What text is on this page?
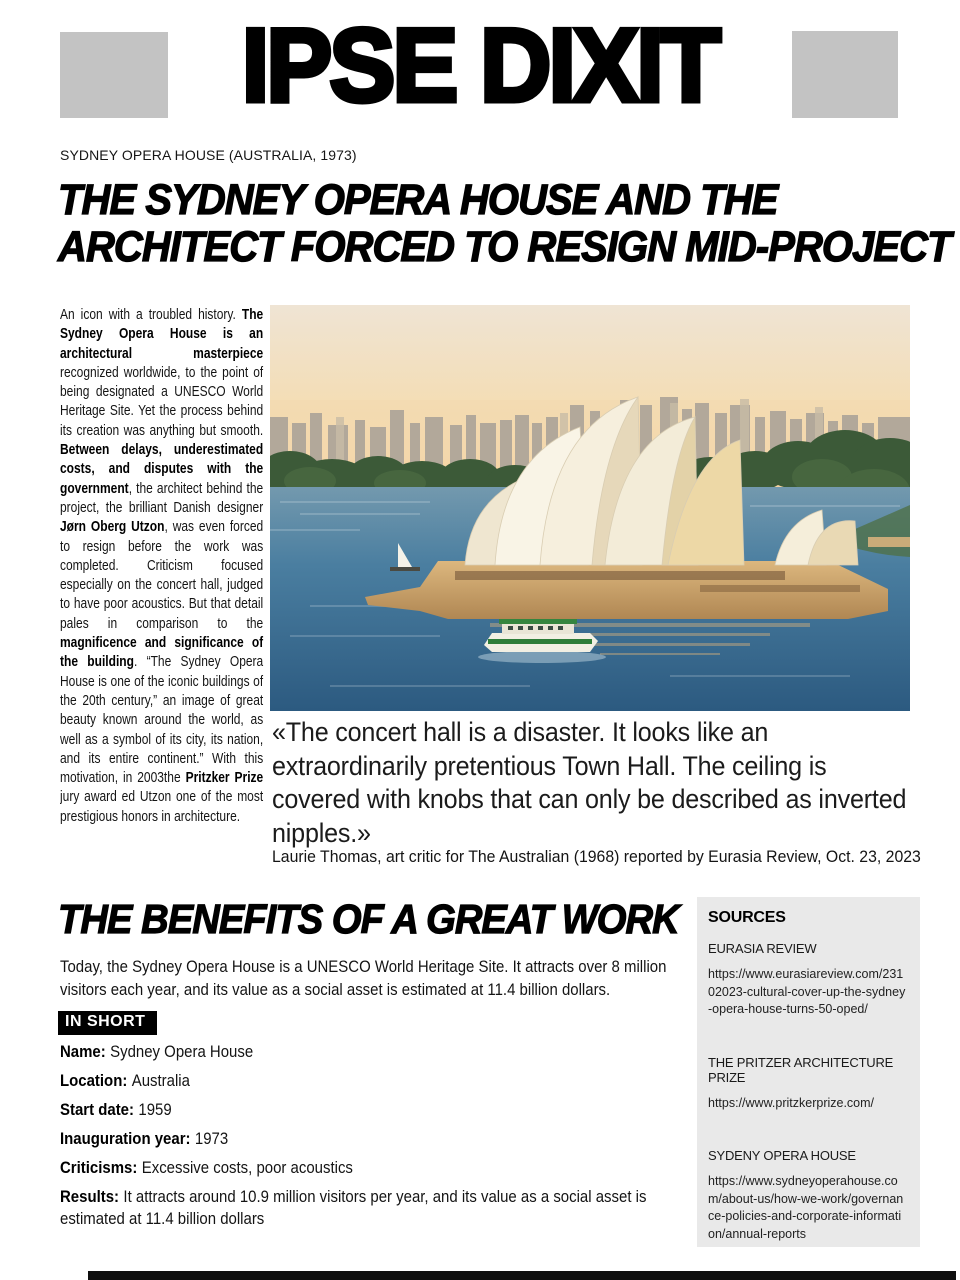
IPSE DIXIT
SYDNEY OPERA HOUSE (AUSTRALIA, 1973)
THE SYDNEY OPERA HOUSE AND THE
ARCHITECT FORCED TO RESIGN MID-PROJECT
An icon with a troubled history. The Sydney Opera House is an architectural masterpiece recognized worldwide, to the point of being designated a UNESCO World Heritage Site. Yet the process behind its creation was anything but smooth. Between delays, underestimated costs, and disputes with the government, the architect behind the project, the brilliant Danish designer Jørn Oberg Utzon, was even forced to resign before the work was completed. Criticism focused especially on the concert hall, judged to have poor acoustics. But that detail pales in comparison to the magnificence and significance of the building. “The Sydney Opera House is one of the iconic buildings of the 20th century,” an image of great beauty known around the world, as well as a symbol of its city, its nation, and its entire continent.” With this motivation, in 2003the Pritzker Prize jury award ed Utzon one of the most prestigious honors in architecture.
«The concert hall is a disaster. It looks like an extraordinarily pretentious Town Hall. The ceiling is covered with knobs that can only be described as inverted nipples.»
Laurie Thomas, art critic for The Australian (1968) reported by Eurasia Review, Oct. 23, 2023
THE BENEFITS OF A GREAT WORK
Today, the Sydney Opera House is a UNESCO World Heritage Site. It attracts over 8 million visitors each year, and its value as a social asset is estimated at 11.4 billion dollars.
IN SHORT
Name: Sydney Opera House
Location: Australia
Start date: 1959
Inauguration year: 1973
Criticisms: Excessive costs, poor acoustics
Results: It attracts around 10.9 million visitors per year, and its value as a social asset is estimated at 11.4 billion dollars
SOURCES
EURASIA REVIEW
https://www.eurasiareview.com/23102023-cultural-cover-up-the-sydney-opera-house-turns-50-oped/
THE PRITZER ARCHITECTURE PRIZE
https://www.pritzkerprize.com/
SYDENY OPERA HOUSE
https://www.sydneyoperahouse.com/about-us/how-we-work/governance-policies-and-corporate-information/annual-reports
